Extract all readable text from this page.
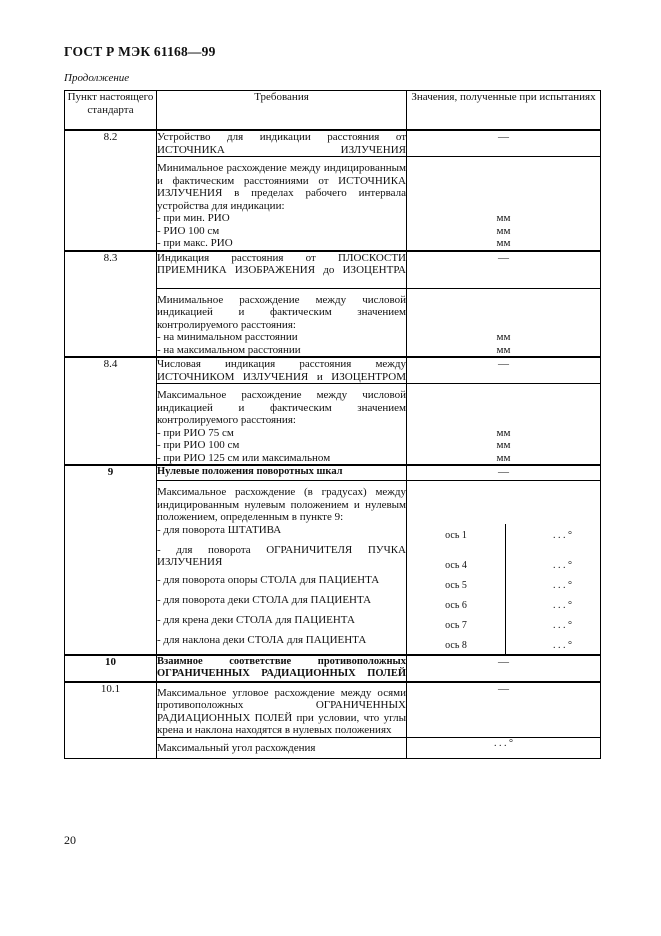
ГОСТ Р МЭК 61168—99
Продолжение
Пункт настоящего стандарта	Требования	Значения, полученные при испытаниях
8.2	Устройство для индикации расстояния от ИСТОЧНИКА ИЗЛУЧЕНИЯ	—
	Минимальное расхождение между индицированным и фактическим расстояниями от ИСТОЧНИКА ИЗЛУЧЕНИЯ в пределах рабочего интервала устройства для индикации:	
	- при мин. РИО	мм
	- РИО 100 см	мм
	- при макс. РИО	мм
8.3	Индикация расстояния от ПЛОСКОСТИ ПРИЕМНИКА ИЗОБРАЖЕНИЯ до ИЗОЦЕНТРА	—
	Минимальное расхождение между числовой индикацией и фактическим значением контролируемого расстояния:	
	- на минимальном расстоянии	мм
	- на максимальном расстоянии	мм
8.4	Числовая индикация расстояния между ИСТОЧНИКОМ ИЗЛУЧЕНИЯ и ИЗОЦЕНТРОМ	—
	Максимальное расхождение между числовой индикацией и фактическим значением контролируемого расстояния:	
	- при РИО 75 см	мм
	- при РИО 100 см	мм
	- при РИО 125 см или максимальном	мм
9	Нулевые положения поворотных шкал	—
	Максимальное расхождение (в градусах) между индицированным нулевым положением и нулевым положением, определенным в пункте 9:	
	- для поворота ШТАТИВА	ось 1 . . . °

	- для поворота ОГРАНИЧИТЕЛЯ ПУЧКА ИЗЛУЧЕНИЯ	ось 4 . . . °

	- для поворота опоры СТОЛА для ПАЦИЕНТА	ось 5 . . . °

	- для поворота деки СТОЛА для ПАЦИЕНТА	ось 6 . . . °

	- для крена деки СТОЛА для ПАЦИЕНТА	ось 7 . . . °

	- для наклона деки СТОЛА для ПАЦИЕНТА	ось 8 . . . °

10	Взаимное соответствие противоположных ОГРАНИЧЕННЫХ РАДИАЦИОННЫХ ПОЛЕЙ	—
10.1	Максимальное угловое расхождение между осями противоположных ОГРАНИЧЕННЫХ РАДИАЦИОННЫХ ПОЛЕЙ при условии, что углы крена и наклона находятся в нулевых положениях	—
	Максимальный угол расхождения	. . . °
20
